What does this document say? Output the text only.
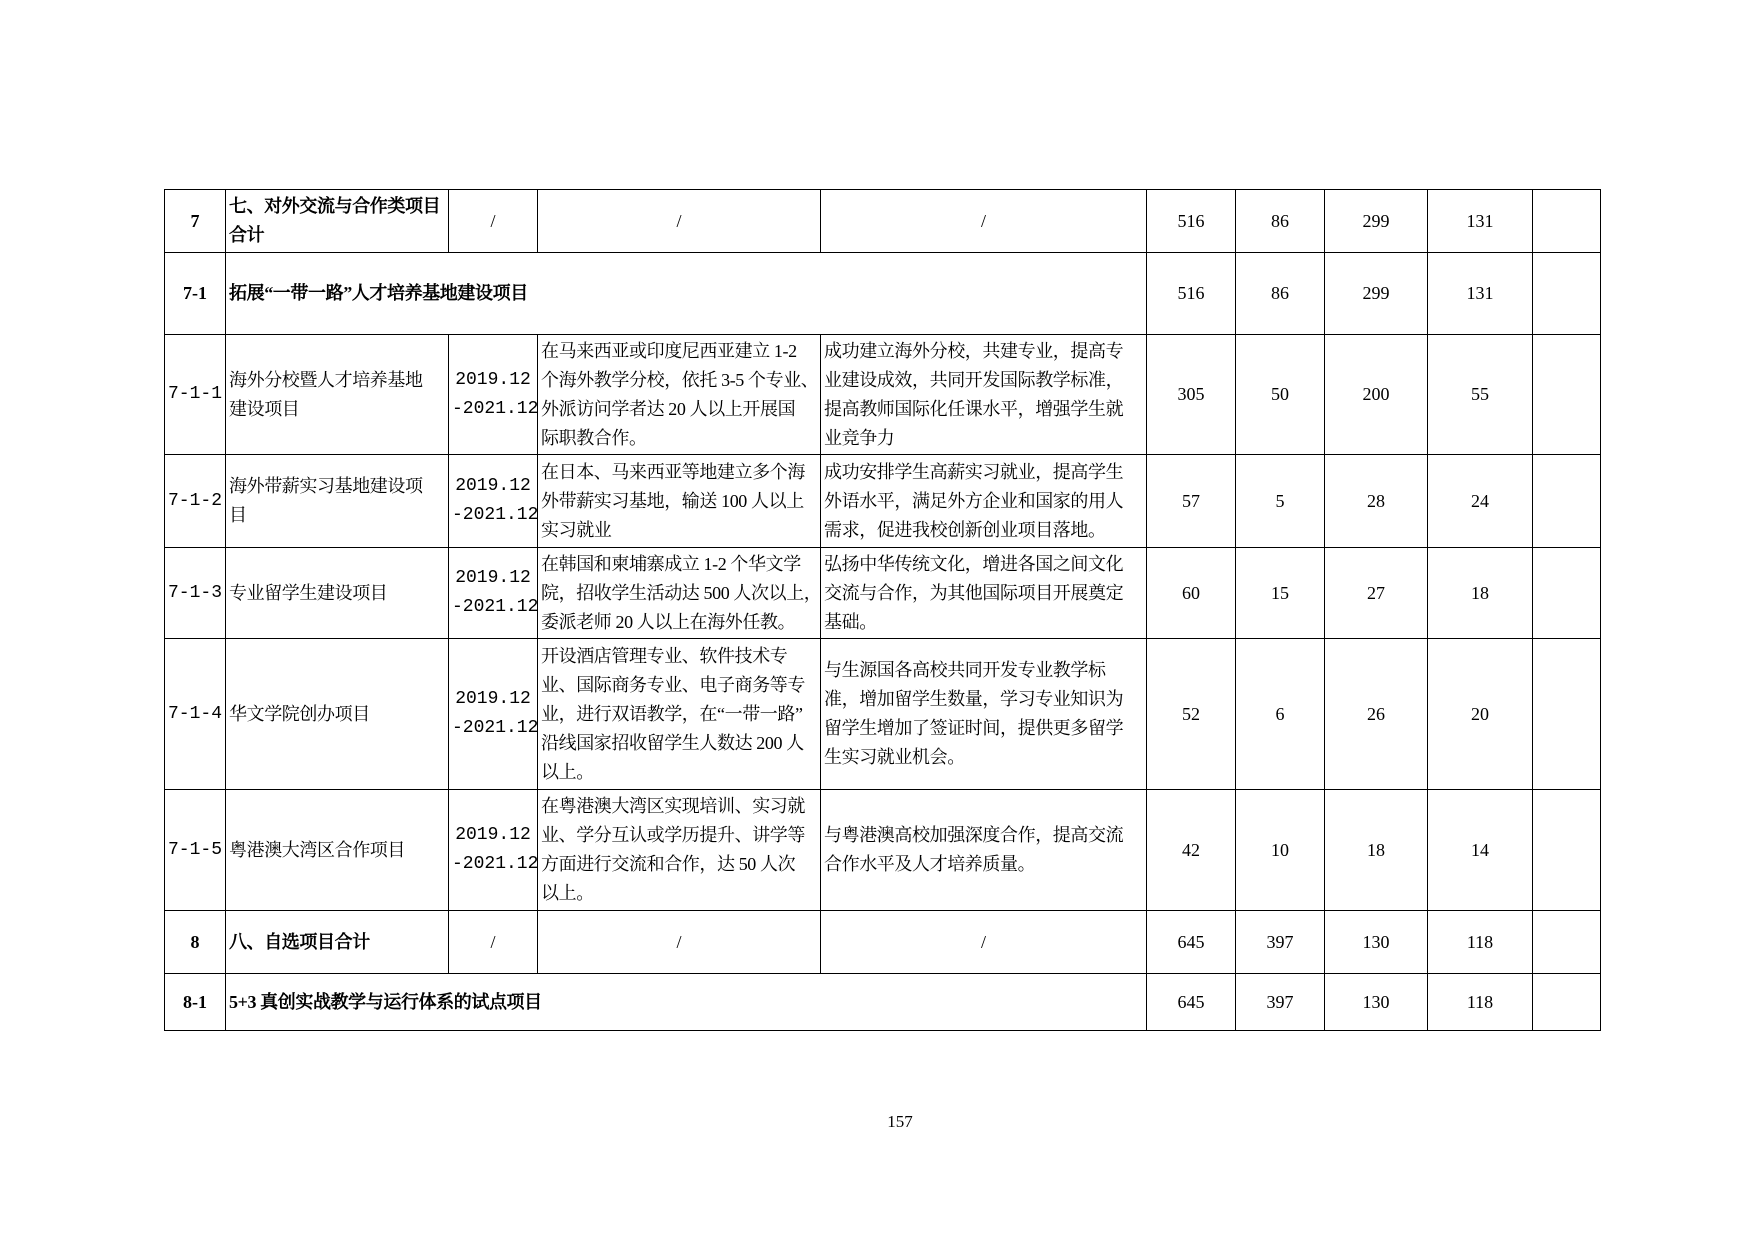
7	七、对外交流与合作类项目
合计	/	/	/	516	86	299	131	
7-1	拓展“一带一路”人才培养基地建设项目				516	86	299	131	
7-1-1	海外分校暨人才培养基地
建设项目	2019.12
-2021.12	在马来西亚或印度尼西亚建立 1-2
个海外教学分校，依托 3-5 个专业、
外派访问学者达 20 人以上开展国
际职教合作。	成功建立海外分校，共建专业，提高专
业建设成效，共同开发国际教学标准，
提高教师国际化任课水平，增强学生就
业竞争力	305	50	200	55	
7-1-2	海外带薪实习基地建设项
目	2019.12
-2021.12	在日本、马来西亚等地建立多个海
外带薪实习基地，输送 100 人以上
实习就业	成功安排学生高薪实习就业，提高学生
外语水平，满足外方企业和国家的用人
需求，促进我校创新创业项目落地。	57	5	28	24	
7-1-3	专业留学生建设项目	2019.12
-2021.12	在韩国和柬埔寨成立 1-2 个华文学
院，招收学生活动达 500 人次以上，
委派老师 20 人以上在海外任教。	弘扬中华传统文化，增进各国之间文化
交流与合作，为其他国际项目开展奠定
基础。	60	15	27	18	
7-1-4	华文学院创办项目	2019.12
-2021.12	开设酒店管理专业、软件技术专
业、国际商务专业、电子商务等专
业，进行双语教学，在“一带一路”
沿线国家招收留学生人数达 200 人
以上。	与生源国各高校共同开发专业教学标
准，增加留学生数量，学习专业知识为
留学生增加了签证时间，提供更多留学
生实习就业机会。	52	6	26	20	
7-1-5	粤港澳大湾区合作项目	2019.12
-2021.12	在粤港澳大湾区实现培训、实习就
业、学分互认或学历提升、讲学等
方面进行交流和合作，达 50 人次
以上。	与粤港澳高校加强深度合作，提高交流
合作水平及人才培养质量。	42	10	18	14	
8	八、自选项目合计	/	/	/	645	397	130	118	
8-1	5+3 真创实战教学与运行体系的试点项目				645	397	130	118	
157
